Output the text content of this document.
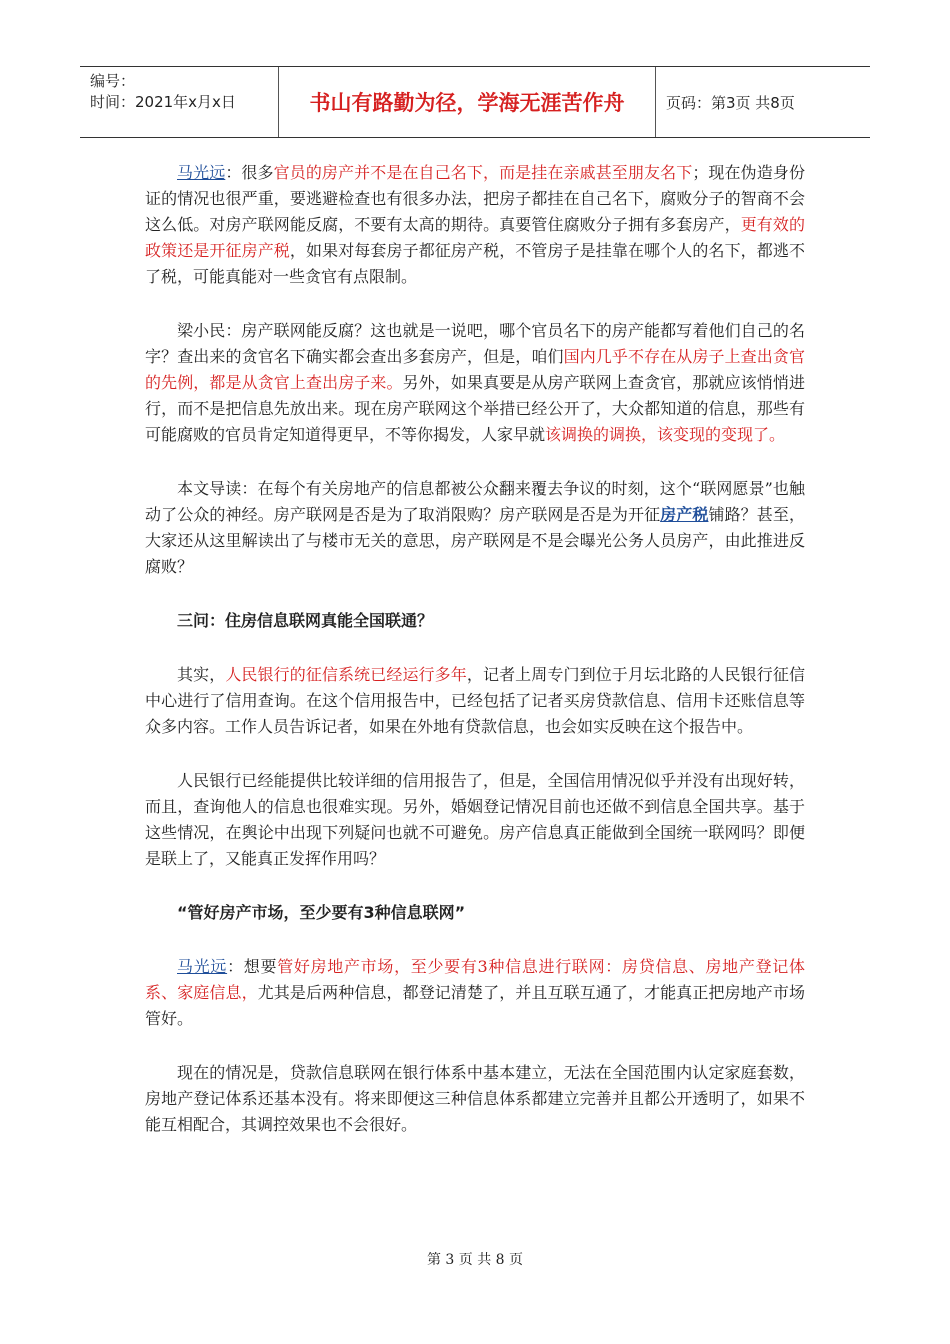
编号：
时间：2021年x月x日	书山有路勤为径，学海无涯苦作舟	页码：第3页 共8页

马光远：很多官员的房产并不是在自己名下，而是挂在亲戚甚至朋友名下；现在伪造身份证的情况也很严重，要逃避检查也有很多办法，把房子都挂在自己名下，腐败分子的智商不会这么低。对房产联网能反腐，不要有太高的期待。真要管住腐败分子拥有多套房产，更有效的政策还是开征房产税，如果对每套房子都征房产税，不管房子是挂靠在哪个人的名下，都逃不了税，可能真能对一些贪官有点限制。

梁小民：房产联网能反腐？这也就是一说吧，哪个官员名下的房产能都写着他们自己的名字？查出来的贪官名下确实都会查出多套房产，但是，咱们国内几乎不存在从房子上查出贪官的先例，都是从贪官上查出房子来。另外，如果真要是从房产联网上查贪官，那就应该悄悄进行，而不是把信息先放出来。现在房产联网这个举措已经公开了，大众都知道的信息，那些有可能腐败的官员肯定知道得更早，不等你揭发，人家早就该调换的调换，该变现的变现了。

本文导读：在每个有关房地产的信息都被公众翻来覆去争议的时刻，这个“联网愿景”也触动了公众的神经。房产联网是否是为了取消限购？房产联网是否是为开征房产税铺路？甚至，大家还从这里解读出了与楼市无关的意思，房产联网是不是会曝光公务人员房产，由此推进反腐败？

三问：住房信息联网真能全国联通？

其实，人民银行的征信系统已经运行多年，记者上周专门到位于月坛北路的人民银行征信中心进行了信用查询。在这个信用报告中，已经包括了记者买房贷款信息、信用卡还账信息等众多内容。工作人员告诉记者，如果在外地有贷款信息，也会如实反映在这个报告中。

人民银行已经能提供比较详细的信用报告了，但是，全国信用情况似乎并没有出现好转，而且，查询他人的信息也很难实现。另外，婚姻登记情况目前也还做不到信息全国共享。基于这些情况，在舆论中出现下列疑问也就不可避免。房产信息真正能做到全国统一联网吗？即便是联上了，又能真正发挥作用吗？

“管好房产市场，至少要有3种信息联网”

马光远：想要管好房地产市场，至少要有3种信息进行联网：房贷信息、房地产登记体系、家庭信息，尤其是后两种信息，都登记清楚了，并且互联互通了，才能真正把房地产市场管好。

现在的情况是，贷款信息联网在银行体系中基本建立，无法在全国范围内认定家庭套数，房地产登记体系还基本没有。将来即便这三种信息体系都建立完善并且都公开透明了，如果不能互相配合，其调控效果也不会很好。

第 3 页 共 8 页
